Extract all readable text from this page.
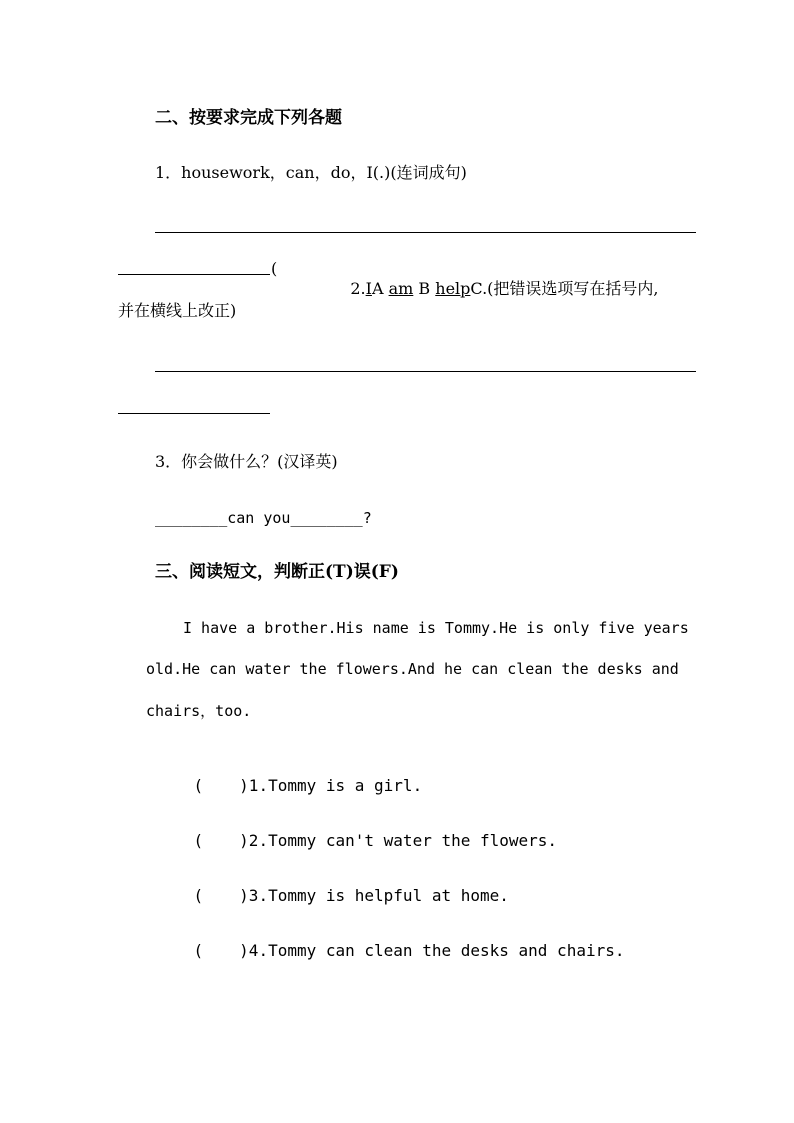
二、按要求完成下列各题
1．housework，can，do，I(.)(连词成句)
(

2.IA am B helpC.(把错误选项写在括号内,

并在横线上改正)
3．你会做什么？(汉译英)
________can you________?
三、阅读短文，判断正(T)误(F)
I have a brother.His name is Tommy.He is only five years
old.He can water the flowers.And he can clean the desks and
chairs，too.

( )1.Tommy is a girl.

( )2.Tommy can't water the flowers.

( )3.Tommy is helpful at home.

( )4.Tommy can clean the desks and chairs.
